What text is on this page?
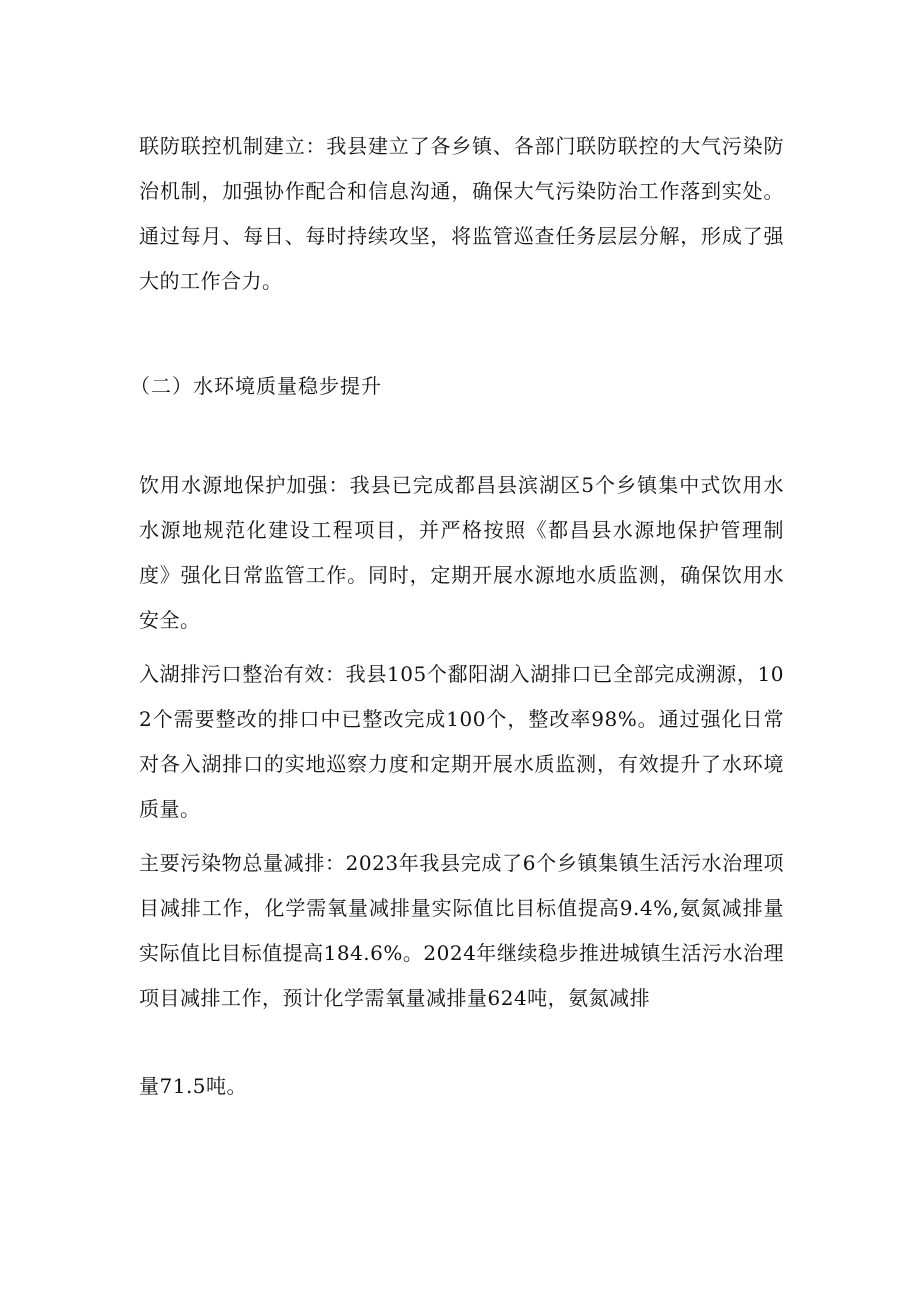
联防联控机制建立：我县建立了各乡镇、各部门联防联控的大气污染防治机制，加强协作配合和信息沟通，确保大气污染防治工作落到实处。通过每月、每日、每时持续攻坚，将监管巡查任务层层分解，形成了强大的工作合力。

（二）水环境质量稳步提升

饮用水源地保护加强：我县已完成都昌县滨湖区5个乡镇集中式饮用水水源地规范化建设工程项目，并严格按照《都昌县水源地保护管理制度》强化日常监管工作。同时，定期开展水源地水质监测，确保饮用水安全。

入湖排污口整治有效：我县105个鄱阳湖入湖排口已全部完成溯源，102个需要整改的排口中已整改完成100个，整改率98%。通过强化日常对各入湖排口的实地巡察力度和定期开展水质监测，有效提升了水环境质量。

主要污染物总量减排：2023年我县完成了6个乡镇集镇生活污水治理项目减排工作，化学需氧量减排量实际值比目标值提高9.4%,氨氮减排量实际值比目标值提高184.6%。2024年继续稳步推进城镇生活污水治理项目减排工作，预计化学需氧量减排量624吨，氨氮减排

量71.5吨。
